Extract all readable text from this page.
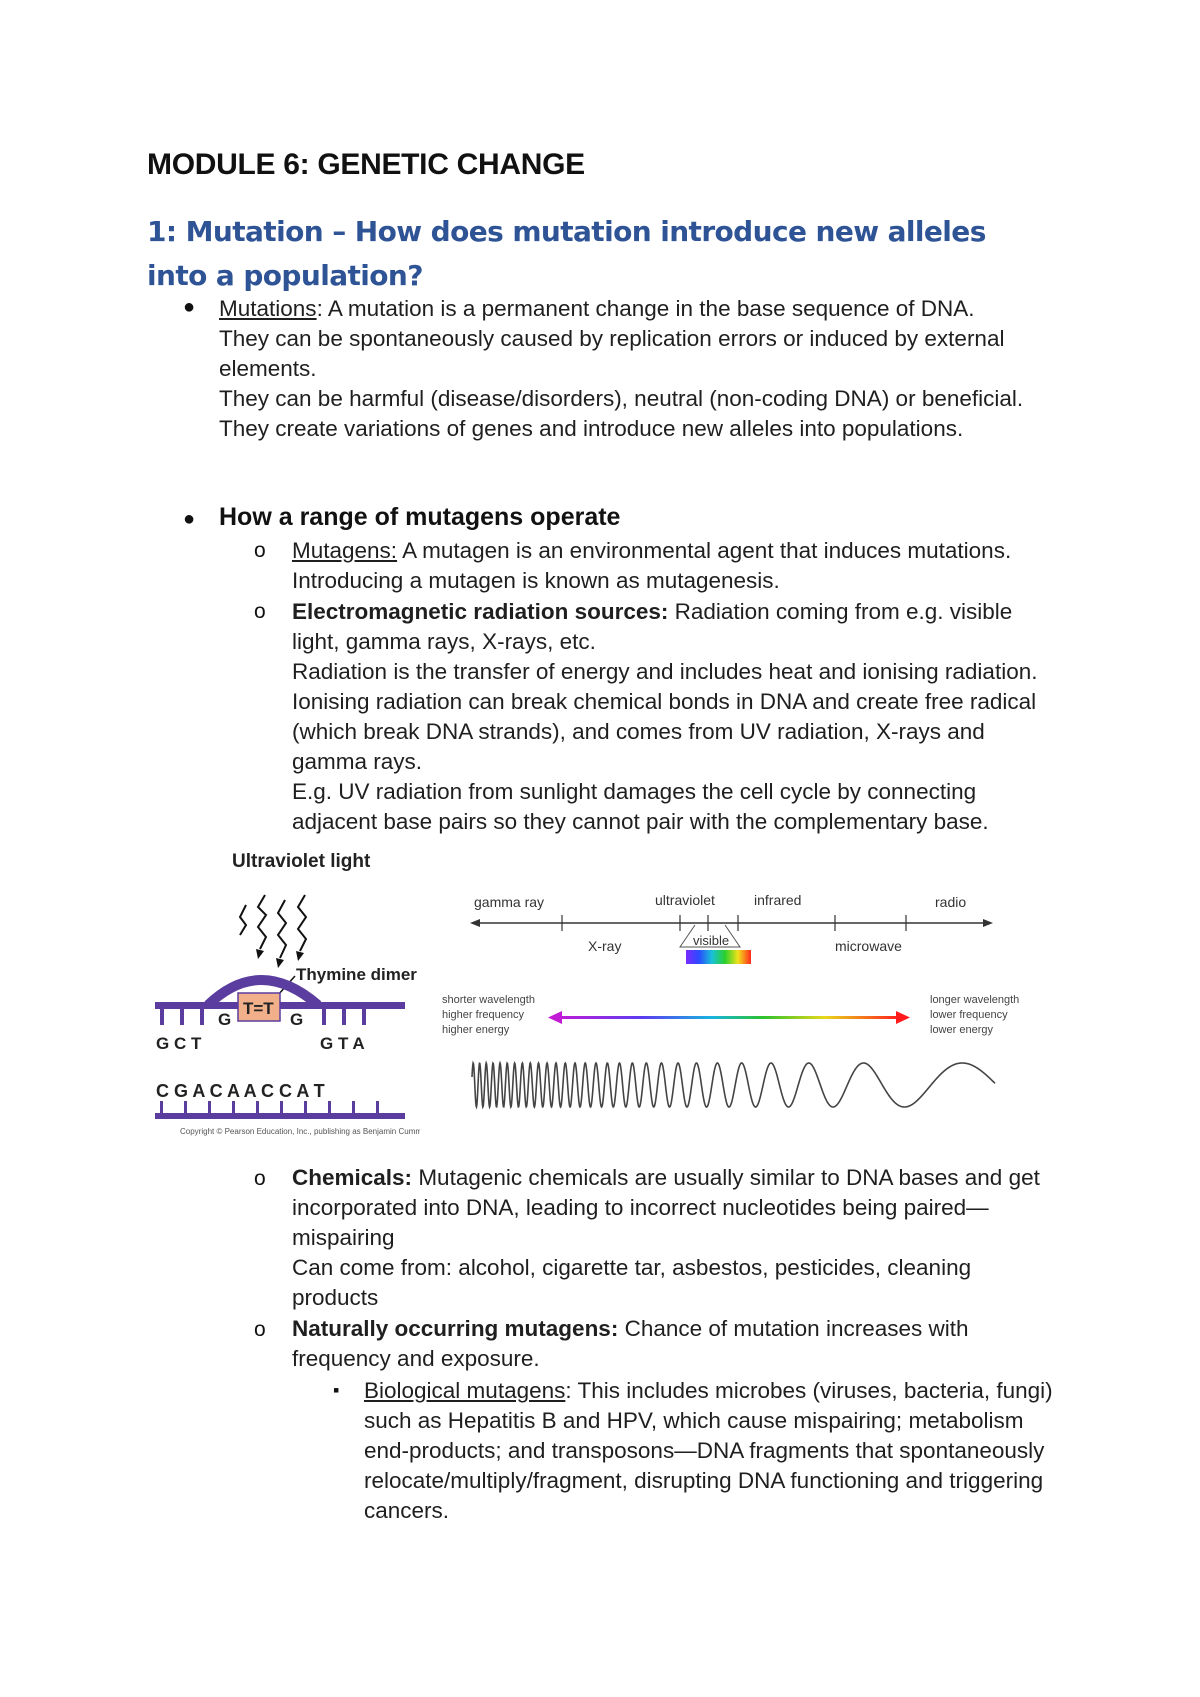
MODULE 6: GENETIC CHANGE
1: Mutation – How does mutation introduce new alleles into a population?
● Mutations: A mutation is a permanent change in the base sequence of DNA.
They can be spontaneously caused by replication errors or induced by external elements.
They can be harmful (disease/disorders), neutral (non-coding DNA) or beneficial.
They create variations of genes and introduce new alleles into populations.
● How a range of mutagens operate
o Mutagens: A mutagen is an environmental agent that induces mutations. Introducing a mutagen is known as mutagenesis.
o Electromagnetic radiation sources: Radiation coming from e.g. visible light, gamma rays, X-rays, etc.
Radiation is the transfer of energy and includes heat and ionising radiation. Ionising radiation can break chemical bonds in DNA and create free radical (which break DNA strands), and comes from UV radiation, X-rays and gamma rays.
E.g. UV radiation from sunlight damages the cell cycle by connecting adjacent base pairs so they cannot pair with the complementary base.
Ultraviolet light
Thymine dimer
T=T
G	G
G C T	G T A
C G A C A A C C A T
Copyright © Pearson Education, Inc., publishing as Benjamin Cummings
gamma ray	ultraviolet	infrared	radio
X-ray	visible	microwave
shorter wavelength
higher frequency
higher energy
longer wavelength
lower frequency
lower energy
o Chemicals: Mutagenic chemicals are usually similar to DNA bases and get incorporated into DNA, leading to incorrect nucleotides being paired—mispairing
Can come from: alcohol, cigarette tar, asbestos, pesticides, cleaning products
o Naturally occurring mutagens: Chance of mutation increases with frequency and exposure.
▪ Biological mutagens: This includes microbes (viruses, bacteria, fungi) such as Hepatitis B and HPV, which cause mispairing; metabolism end-products; and transposons—DNA fragments that spontaneously relocate/multiply/fragment, disrupting DNA functioning and triggering cancers.
